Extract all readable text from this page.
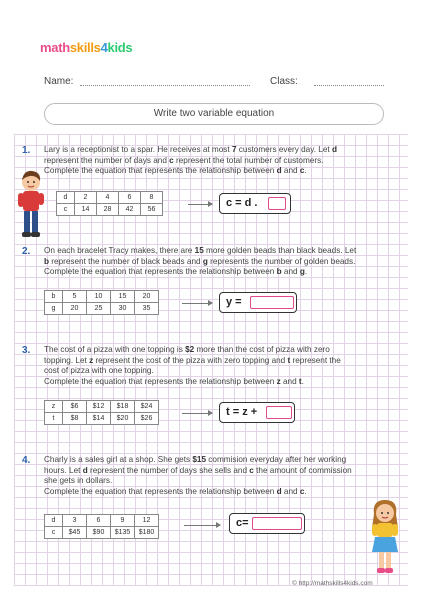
mathskills4kids
Name:	Class:
Write two variable equation
1. Lary is a receptionist to a spar. He receives at most 7 customers every day. Let d
represent the number of days and c represent the total number of customers.
Complete the equation that represents the relationship between d and c.
d	2	4	6	8
c	14	28	42	56
c = d .
2. On each bracelet Tracy makes, there are 15 more golden beads than black beads. Let
b represent the number of black beads and g represents the number of golden beads.
Complete the equation that represents the relationship between b and g.
b	5	10	15	20
g	20	25	30	35
y =
3. The cost of a pizza with one topping is $2 more than the cost of pizza with zero
topping. Let z represent the cost of the pizza with zero topping and t represent the
cost of pizza with one topping.
Complete the equation that represents the relationship between z and t.
z	$6	$12	$18	$24
t	$8	$14	$20	$26
t = z +
4. Charly is a sales girl at a shop. She gets $15 commision everyday after her working
hours. Let d represent the number of days she sells and c the amount of commission
she gets in dollars.
Complete the equation that represents the relationship between d and c.
d	3	6	9	12
c	$45	$90	$135	$180
c=
© http://mathskills4kids.com
